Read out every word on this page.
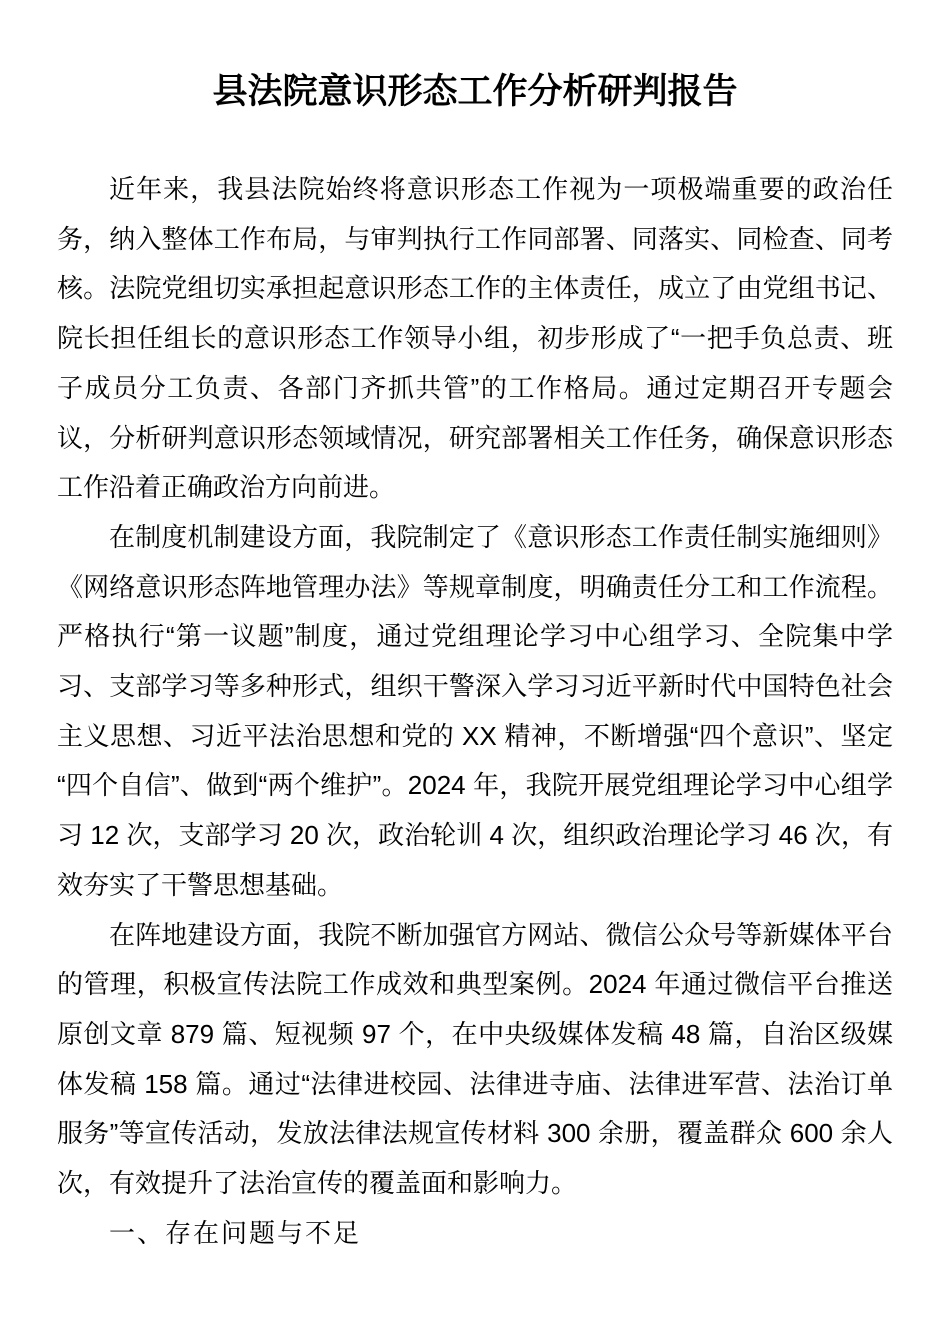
县法院意识形态工作分析研判报告

近年来，我县法院始终将意识形态工作视为一项极端重要的政治任务，纳入整体工作布局，与审判执行工作同部署、同落实、同检查、同考核。法院党组切实承担起意识形态工作的主体责任，成立了由党组书记、院长担任组长的意识形态工作领导小组，初步形成了“一把手负总责、班子成员分工负责、各部门齐抓共管”的工作格局。通过定期召开专题会议，分析研判意识形态领域情况，研究部署相关工作任务，确保意识形态工作沿着正确政治方向前进。

在制度机制建设方面，我院制定了《意识形态工作责任制实施细则》《网络意识形态阵地管理办法》等规章制度，明确责任分工和工作流程。严格执行“第一议题”制度，通过党组理论学习中心组学习、全院集中学习、支部学习等多种形式，组织干警深入学习习近平新时代中国特色社会主义思想、习近平法治思想和党的 XX 精神，不断增强“四个意识”、坚定“四个自信”、做到“两个维护”。2024 年，我院开展党组理论学习中心组学习 12 次，支部学习 20 次，政治轮训 4 次，组织政治理论学习 46 次，有效夯实了干警思想基础。

在阵地建设方面，我院不断加强官方网站、微信公众号等新媒体平台的管理，积极宣传法院工作成效和典型案例。2024 年通过微信平台推送原创文章 879 篇、短视频 97 个，在中央级媒体发稿 48 篇，自治区级媒体发稿 158 篇。通过“法律进校园、法律进寺庙、法律进军营、法治订单服务”等宣传活动，发放法律法规宣传材料 300 余册，覆盖群众 600 余人次，有效提升了法治宣传的覆盖面和影响力。

一、存在问题与不足
